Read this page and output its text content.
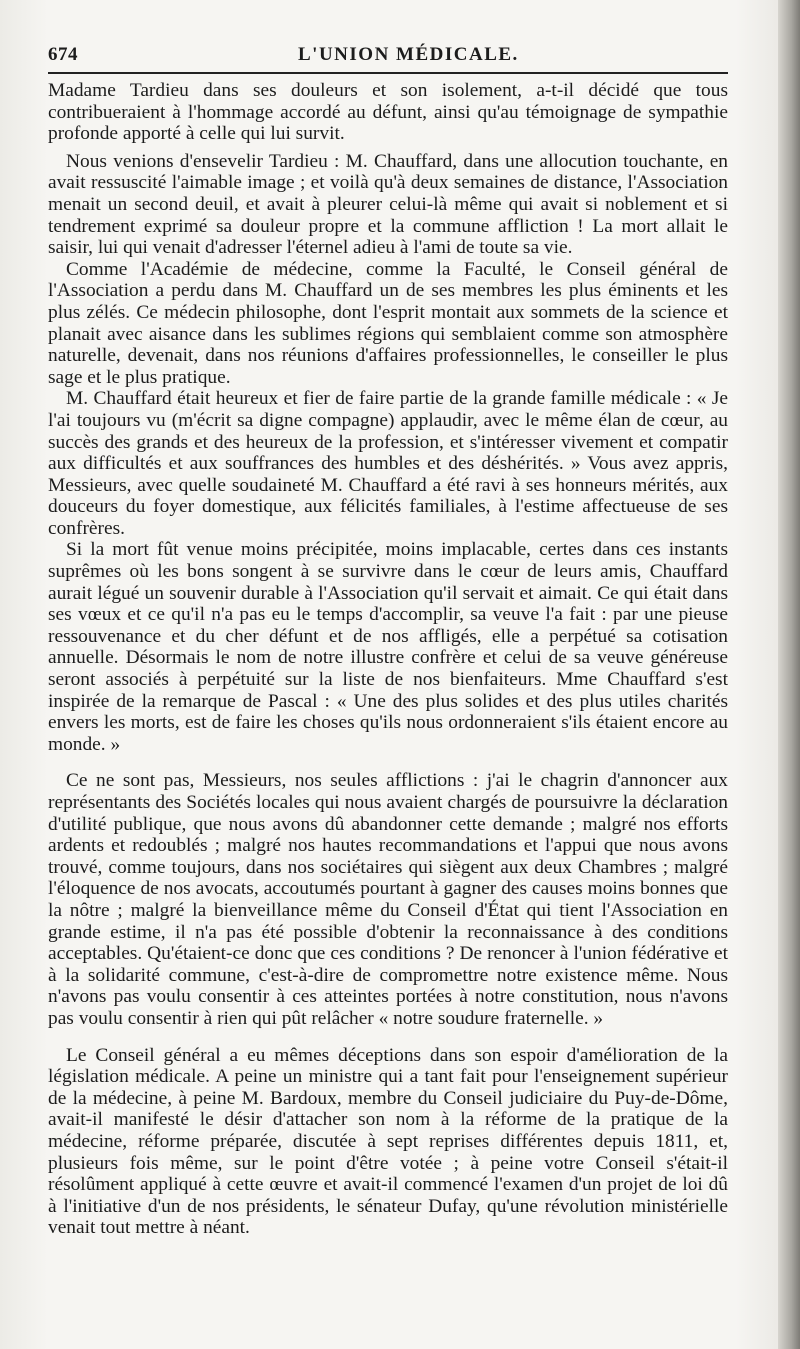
674	L'UNION MÉDICALE.

Madame Tardieu dans ses douleurs et son isolement, a-t-il décidé que tous contribueraient à l'hommage accordé au défunt, ainsi qu'au témoignage de sympathie profonde apporté à celle qui lui survit.

Nous venions d'ensevelir Tardieu : M. Chauffard, dans une allocution touchante, en avait ressuscité l'aimable image ; et voilà qu'à deux semaines de distance, l'Association menait un second deuil, et avait à pleurer celui-là même qui avait si noblement et si tendrement exprimé sa douleur propre et la commune affliction ! La mort allait le saisir, lui qui venait d'adresser l'éternel adieu à l'ami de toute sa vie.

Comme l'Académie de médecine, comme la Faculté, le Conseil général de l'Association a perdu dans M. Chauffard un de ses membres les plus éminents et les plus zélés. Ce médecin philosophe, dont l'esprit montait aux sommets de la science et planait avec aisance dans les sublimes régions qui semblaient comme son atmosphère naturelle, devenait, dans nos réunions d'affaires professionnelles, le conseiller le plus sage et le plus pratique.

M. Chauffard était heureux et fier de faire partie de la grande famille médicale : « Je l'ai toujours vu (m'écrit sa digne compagne) applaudir, avec le même élan de cœur, au succès des grands et des heureux de la profession, et s'intéresser vivement et compatir aux difficultés et aux souffrances des humbles et des déshérités. » Vous avez appris, Messieurs, avec quelle soudaineté M. Chauffard a été ravi à ses honneurs mérités, aux douceurs du foyer domestique, aux félicités familiales, à l'estime affectueuse de ses confrères.

Si la mort fût venue moins précipitée, moins implacable, certes dans ces instants suprêmes où les bons songent à se survivre dans le cœur de leurs amis, Chauffard aurait légué un souvenir durable à l'Association qu'il servait et aimait. Ce qui était dans ses vœux et ce qu'il n'a pas eu le temps d'accomplir, sa veuve l'a fait : par une pieuse ressouvenance et du cher défunt et de nos affligés, elle a perpétué sa cotisation annuelle. Désormais le nom de notre illustre confrère et celui de sa veuve généreuse seront associés à perpétuité sur la liste de nos bienfaiteurs. Mme Chauffard s'est inspirée de la remarque de Pascal : « Une des plus solides et des plus utiles charités envers les morts, est de faire les choses qu'ils nous ordonneraient s'ils étaient encore au monde. »

Ce ne sont pas, Messieurs, nos seules afflictions : j'ai le chagrin d'annoncer aux représentants des Sociétés locales qui nous avaient chargés de poursuivre la déclaration d'utilité publique, que nous avons dû abandonner cette demande ; malgré nos efforts ardents et redoublés ; malgré nos hautes recommandations et l'appui que nous avons trouvé, comme toujours, dans nos sociétaires qui siègent aux deux Chambres ; malgré l'éloquence de nos avocats, accoutumés pourtant à gagner des causes moins bonnes que la nôtre ; malgré la bienveillance même du Conseil d'État qui tient l'Association en grande estime, il n'a pas été possible d'obtenir la reconnaissance à des conditions acceptables. Qu'étaient-ce donc que ces conditions ? De renoncer à l'union fédérative et à la solidarité commune, c'est-à-dire de compromettre notre existence même. Nous n'avons pas voulu consentir à ces atteintes portées à notre constitution, nous n'avons pas voulu consentir à rien qui pût relâcher « notre soudure fraternelle. »

Le Conseil général a eu mêmes déceptions dans son espoir d'amélioration de la législation médicale. A peine un ministre qui a tant fait pour l'enseignement supérieur de la médecine, à peine M. Bardoux, membre du Conseil judiciaire du Puy-de-Dôme, avait-il manifesté le désir d'attacher son nom à la réforme de la pratique de la médecine, réforme préparée, discutée à sept reprises différentes depuis 1811, et, plusieurs fois même, sur le point d'être votée ; à peine votre Conseil s'était-il résolûment appliqué à cette œuvre et avait-il commencé l'examen d'un projet de loi dû à l'initiative d'un de nos présidents, le sénateur Dufay, qu'une révolution ministérielle venait tout mettre à néant.
